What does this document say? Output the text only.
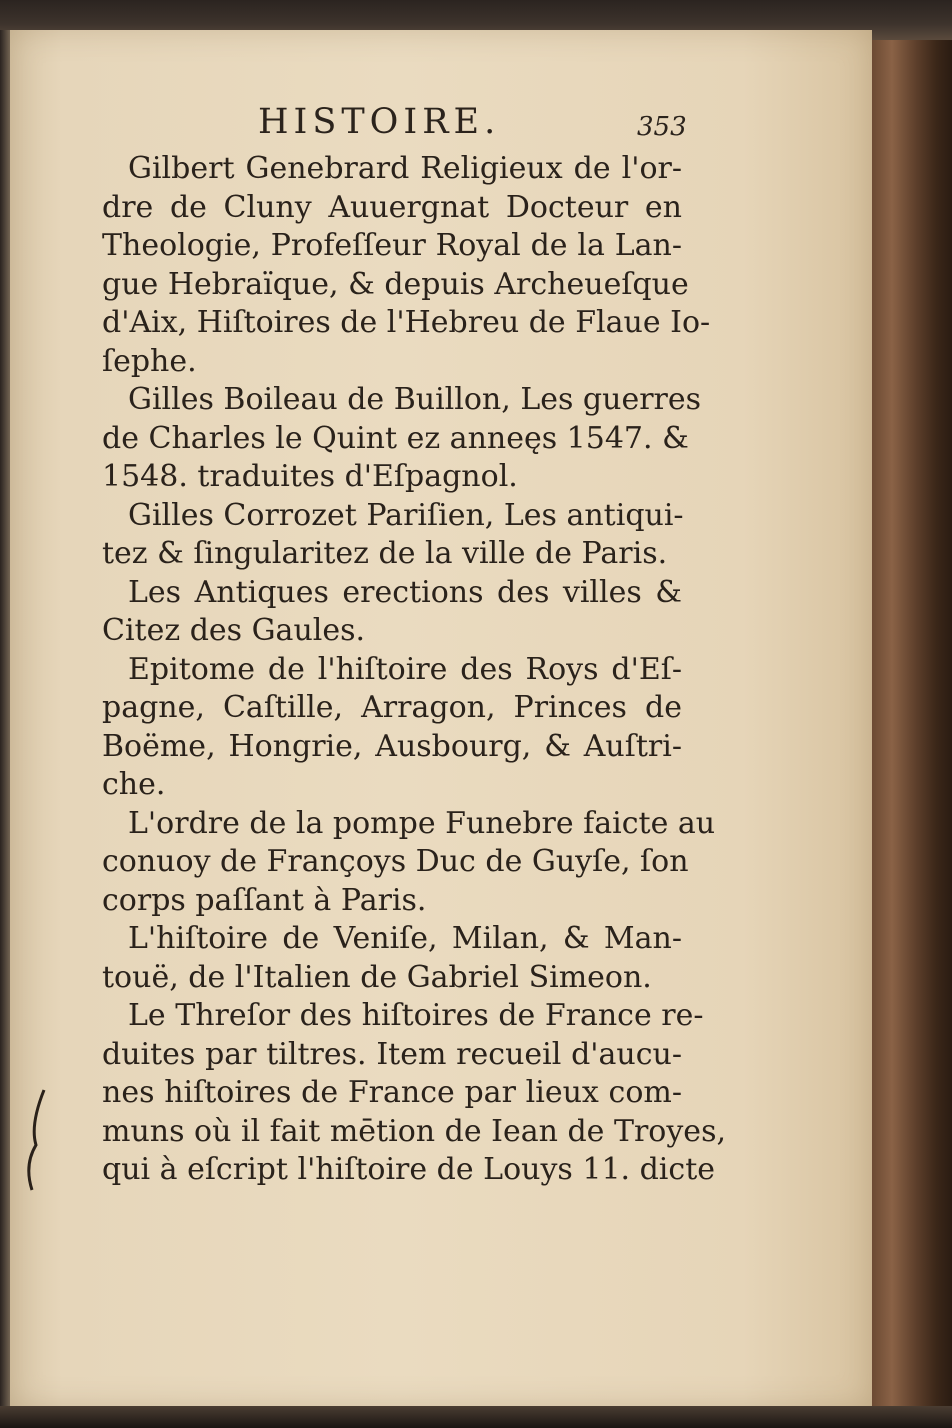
HISTOIRE.	353
Gilbert Genebrard Religieux de l'or-
dre de Cluny Auuergnat Docteur en
Theologie, Profeſſeur Royal de la Lan-
gue Hebraïque, & depuis Archeueſque
d'Aix, Hiſtoires de l'Hebreu de Flaue Io-
ſephe.
Gilles Boileau de Buillon, Les guerres
de Charles le Quint ez anneęs 1547. &
1548. traduites d'Eſpagnol.
Gilles Corrozet Pariſien, Les antiqui-
tez & ſingularitez de la ville de Paris.
Les Antiques erections des villes &
Citez des Gaules.
Epitome de l'hiſtoire des Roys d'Eſ-
pagne, Caſtille, Arragon, Princes de
Boëme, Hongrie, Ausbourg, & Auſtri-
che.
L'ordre de la pompe Funebre faicte au
conuoy de Françoys Duc de Guyſe, ſon
corps paſſant à Paris.
L'hiſtoire de Veniſe, Milan, & Man-
touë, de l'Italien de Gabriel Simeon.
Le Threſor des hiſtoires de France re-
duites par tiltres. Item recueil d'aucu-
nes hiſtoires de France par lieux com-
muns où il fait mētion de Iean de Troyes,
qui à eſcript l'hiſtoire de Louys 11. dicte
